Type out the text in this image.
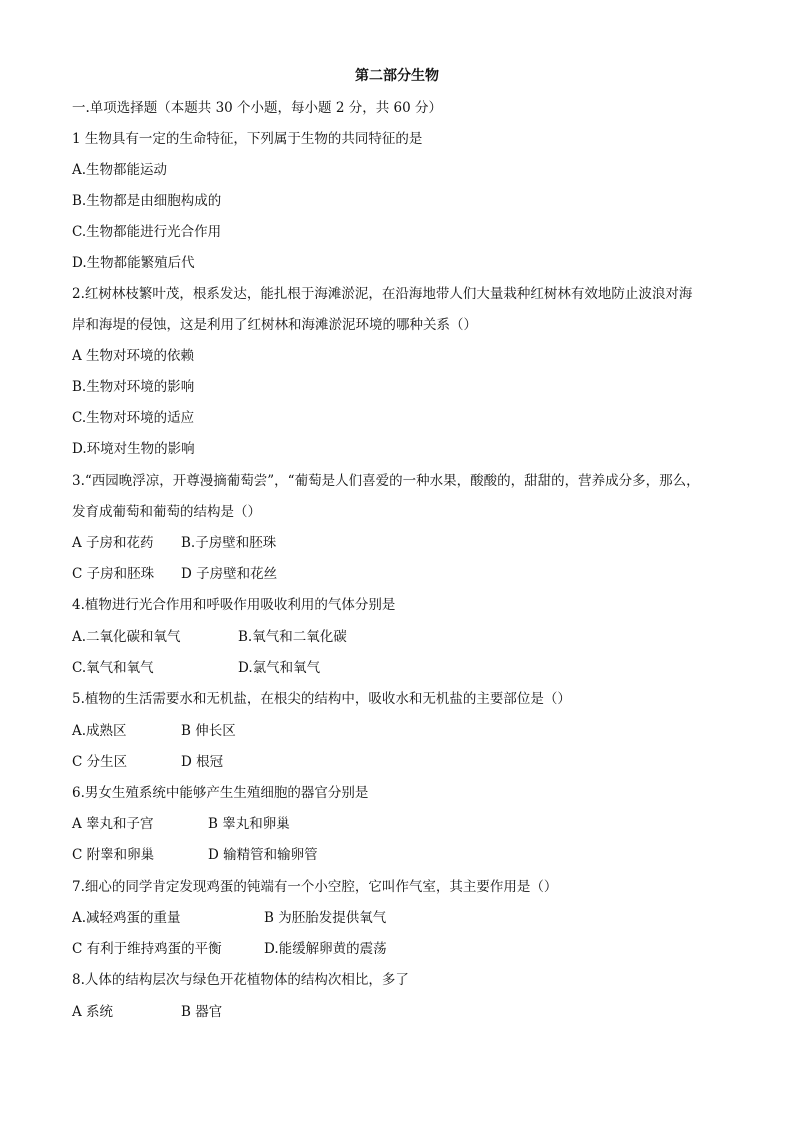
第二部分生物
一.单项选择题（本题共 30 个小题，每小题 2 分，共 60 分）
1 生物具有一定的生命特征，下列属于生物的共同特征的是
A.生物都能运动
B.生物都是由细胞构成的
C.生物都能进行光合作用
D.生物都能繁殖后代
2.红树林枝繁叶茂，根系发达，能扎根于海滩淤泥，在沿海地带人们大量栽种红树林有效地防止波浪对海
岸和海堤的侵蚀，这是利用了红树林和海滩淤泥环境的哪种关系（）
A 生物对环境的依赖
B.生物对环境的影响
C.生物对环境的适应
D.环境对生物的影响
3.“西园晚浮凉，开尊漫摘葡萄尝”，“葡萄是人们喜爱的一种水果，酸酸的，甜甜的，营养成分多，那么，
发育成葡萄和葡萄的结构是（）
A 子房和花药 B.子房壁和胚珠
C 子房和胚珠 D 子房壁和花丝
4.植物进行光合作用和呼吸作用吸收利用的气体分别是
A.二氧化碳和氧气	B.氧气和二氧化碳
C.氧气和氧气	D.氯气和氧气
5.植物的生活需要水和无机盐，在根尖的结构中，吸收水和无机盐的主要部位是（）
A.成熟区	B 伸长区
C 分生区	D 根冠
6.男女生殖系统中能够产生生殖细胞的器官分别是
A 睾丸和子宫	B 睾丸和卵巢
C 附睾和卵巢	D 输精管和输卵管
7.细心的同学肯定发现鸡蛋的钝端有一个小空腔，它叫作气室，其主要作用是（）
A.减轻鸡蛋的重量	B 为胚胎发提供氧气
C 有利于维持鸡蛋的平衡	D.能缓解卵黄的震荡
8.人体的结构层次与绿色开花植物体的结构次相比，多了
A 系统	B 器官
